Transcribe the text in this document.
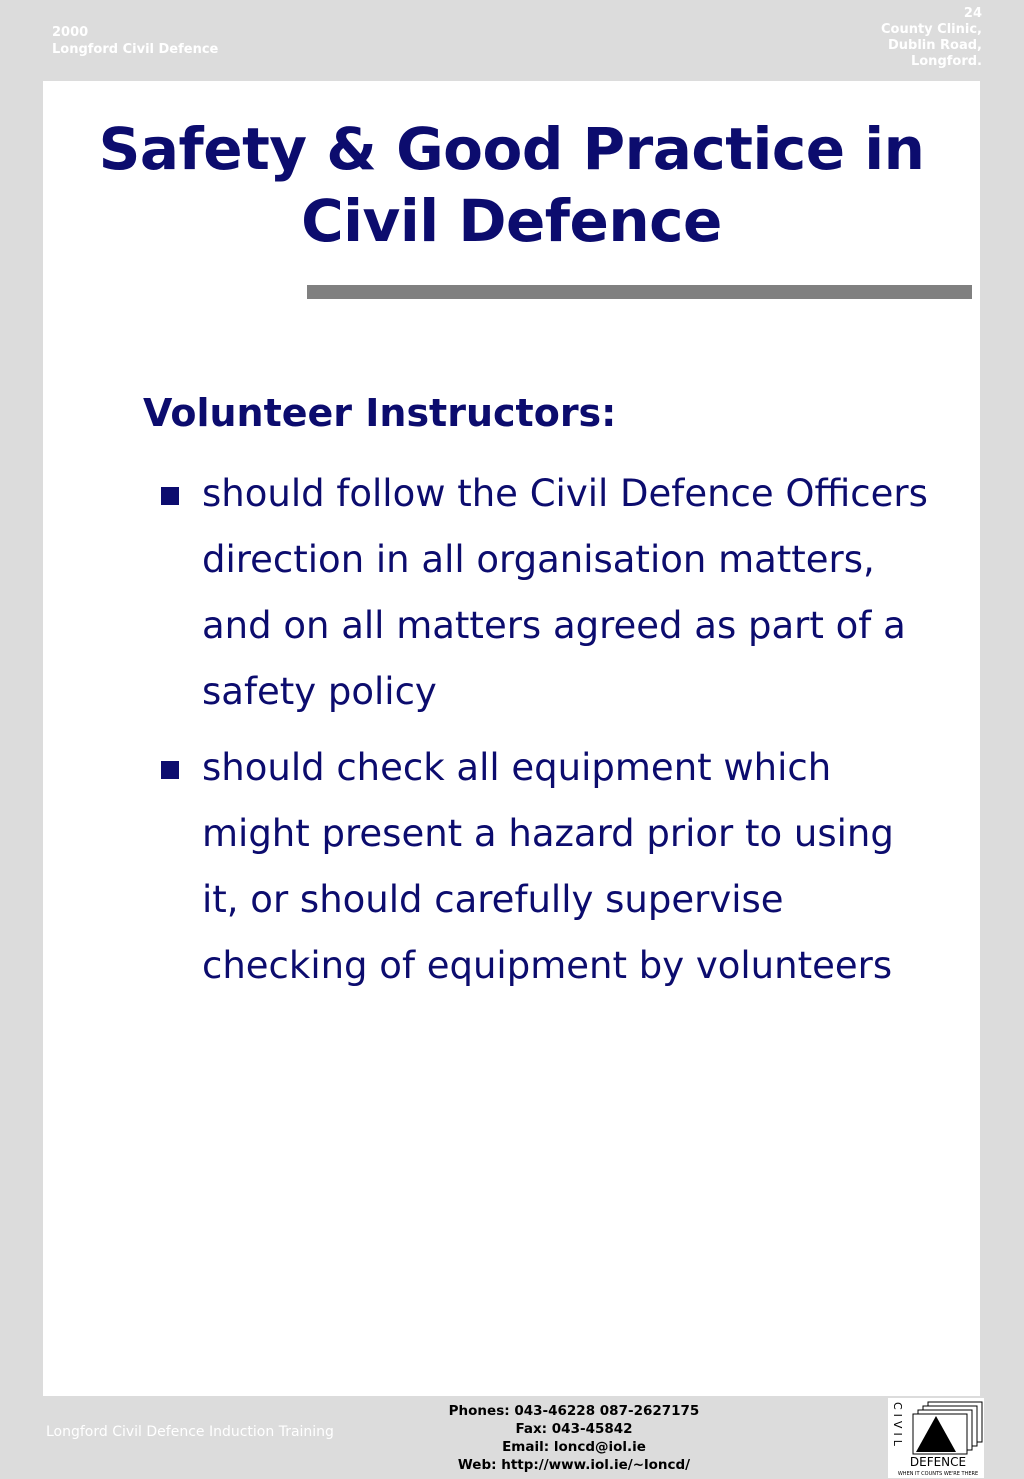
2000
Longford Civil Defence
24
County Clinic,
Dublin Road,
Longford.
Safety & Good Practice in
Civil Defence
Volunteer Instructors:
should follow the Civil Defence Officers direction in all organisation matters, and on all matters agreed as part of a safety policy
should check all equipment which might present a hazard prior to using it, or should carefully supervise checking of equipment by volunteers
Longford Civil Defence Induction Training
Phones: 043-46228 087-2627175
Fax: 043-45842
Email: loncd@iol.ie
Web: http://www.iol.ie/~loncd/
CIVIL
DEFENCE
WHEN IT COUNTS WE'RE THERE
